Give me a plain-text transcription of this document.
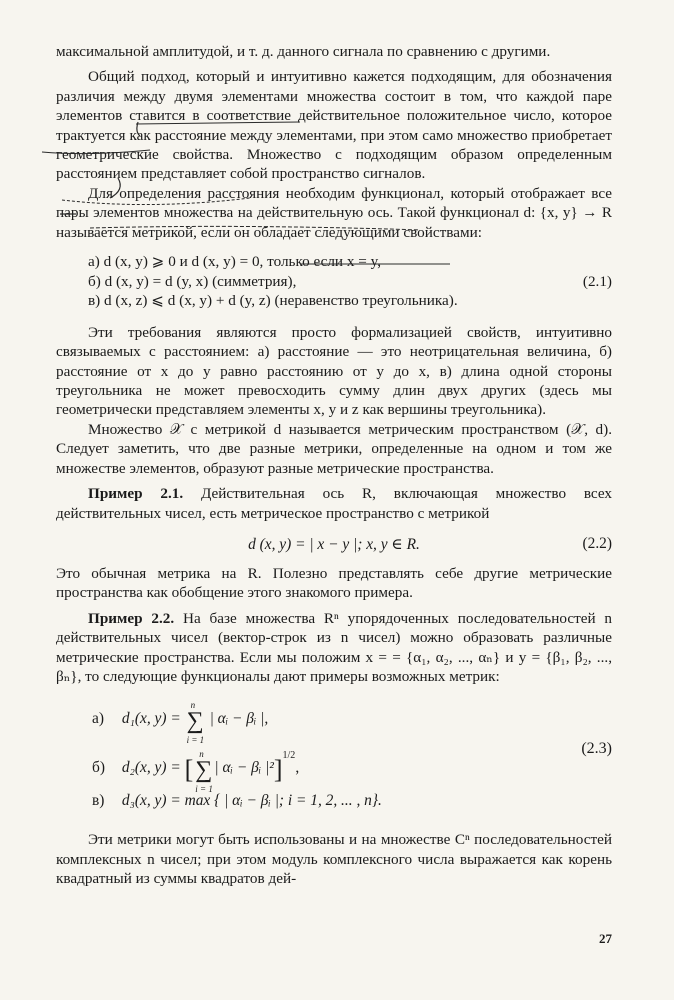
максимальной амплитудой, и т. д. данного сигнала по сравнению с другими.

Общий подход, который и интуитивно кажется подходящим, для обозначения различия между двумя элементами множества состоит в том, что каждой паре элементов ставится в соответствие действительное положительное число, которое трактуется как расстояние между элементами, при этом само множество приобретает геометрические свойства. Множество с подходящим образом определенным расстоянием представляет собой пространство сигналов.

Для определения расстояния необходим функционал, который отображает все пары элементов множества на действительную ось. Такой функционал d: {x, y} → R называется метрикой, если он обладает следующими свойствами:

а) d (x, y) ⩾ 0 и d (x, y) = 0, только если x = y,
б) d (x, y) = d (y, x) (симметрия),
в) d (x, z) ⩽ d (x, y) + d (y, z) (неравенство треугольника).
(2.1)

Эти требования являются просто формализацией свойств, интуитивно связываемых с расстоянием: а) расстояние — это неотрицательная величина, б) расстояние от x до y равно расстоянию от y до x, в) длина одной стороны треугольника не может превосходить сумму длин двух других (здесь мы геометрически представляем элементы x, y и z как вершины треугольника).

Множество 𝒳 с метрикой d называется метрическим пространством (𝒳, d). Следует заметить, что две разные метрики, определенные на одном и том же множестве элементов, образуют разные метрические пространства.

Пример 2.1. Действительная ось R, включающая множество всех действительных чисел, есть метрическое пространство с метрикой

d (x, y) = | x − y |; x, y ∈ R.	(2.2)

Это обычная метрика на R. Полезно представлять себе другие метрические пространства как обобщение этого знакомого примера.

Пример 2.2. На базе множества Rⁿ упорядоченных последовательностей n действительных чисел (вектор-строк из n чисел) можно образовать различные метрические пространства. Если мы положим x = = {α₁, α₂, ..., αₙ} и y = {β₁, β₂, ..., βₙ}, то следующие функционалы дают примеры возможных метрик:

а) d₁(x, y) = ∑
n
i = 1
| αᵢ − βᵢ |,
б) d₂(x, y) = [∑
n
i = 1
| αᵢ − βᵢ |²]$^{1/2}$,
в) d₃(x, y) = max { | αᵢ − βᵢ |; i = 1, 2, ... , n}.
(2.3)

Эти метрики могут быть использованы и на множестве Cⁿ последовательностей комплексных n чисел; при этом модуль комплексного числа выражается как корень квадратный из суммы квадратов дей-

27
